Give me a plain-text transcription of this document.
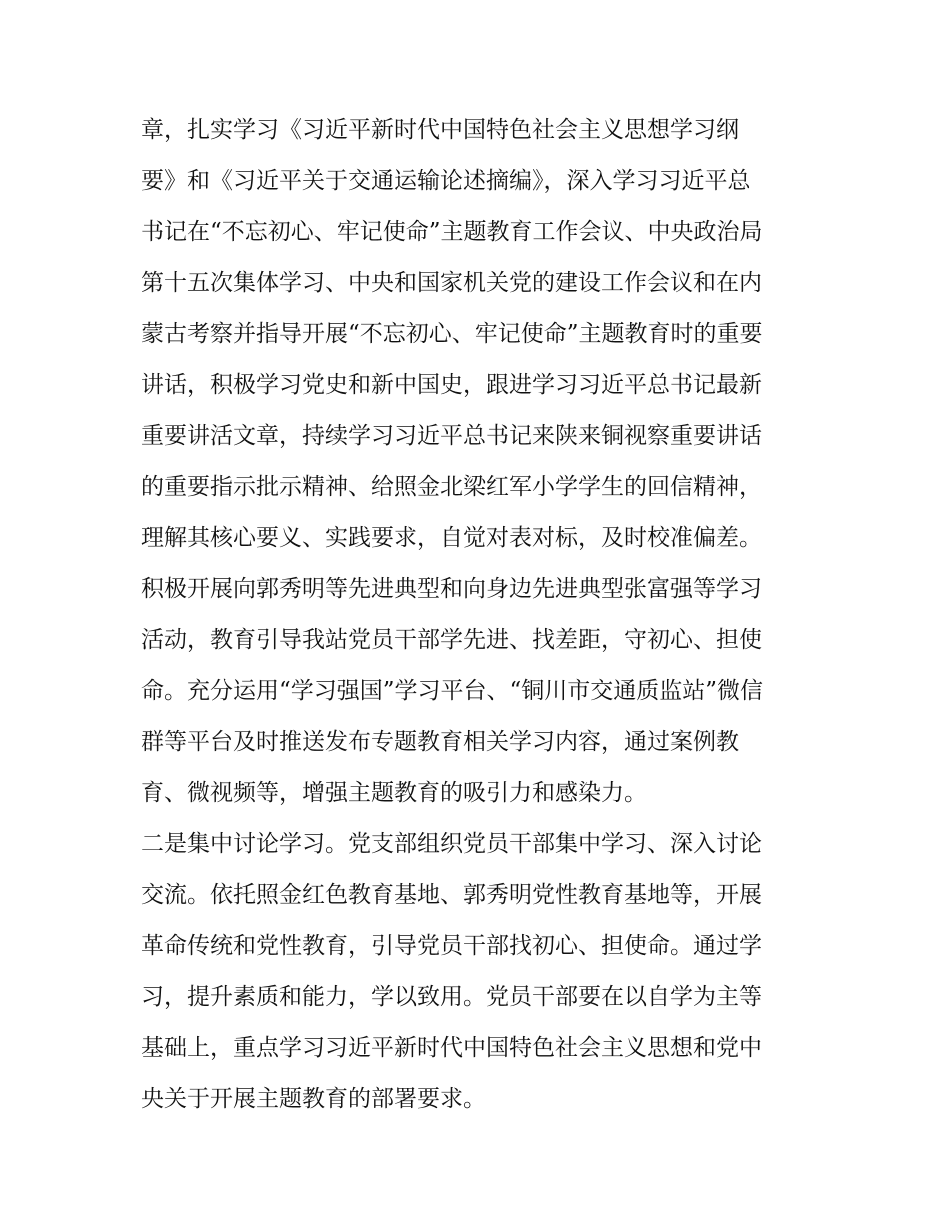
章，扎实学习《习近平新时代中国特色社会主义思想学习纲
要》和《习近平关于交通运输论述摘编》，深入学习习近平总
书记在“不忘初心、牢记使命”主题教育工作会议、中央政治局
第十五次集体学习、中央和国家机关党的建设工作会议和在内
蒙古考察并指导开展“不忘初心、牢记使命”主题教育时的重要
讲话，积极学习党史和新中国史，跟进学习习近平总书记最新
重要讲活文章，持续学习习近平总书记来陕来铜视察重要讲话
的重要指示批示精神、给照金北梁红军小学学生的回信精神，
理解其核心要义、实践要求，自觉对表对标，及时校准偏差。
积极开展向郭秀明等先进典型和向身边先进典型张富强等学习
活动，教育引导我站党员干部学先进、找差距，守初心、担使
命。充分运用“学习强国”学习平台、“铜川市交通质监站”微信
群等平台及时推送发布专题教育相关学习内容，通过案例教
育、微视频等，增强主题教育的吸引力和感染力。
二是集中讨论学习。党支部组织党员干部集中学习、深入讨论
交流。依托照金红色教育基地、郭秀明党性教育基地等，开展
革命传统和党性教育，引导党员干部找初心、担使命。通过学
习，提升素质和能力，学以致用。党员干部要在以自学为主等
基础上，重点学习习近平新时代中国特色社会主义思想和党中
央关于开展主题教育的部署要求。
